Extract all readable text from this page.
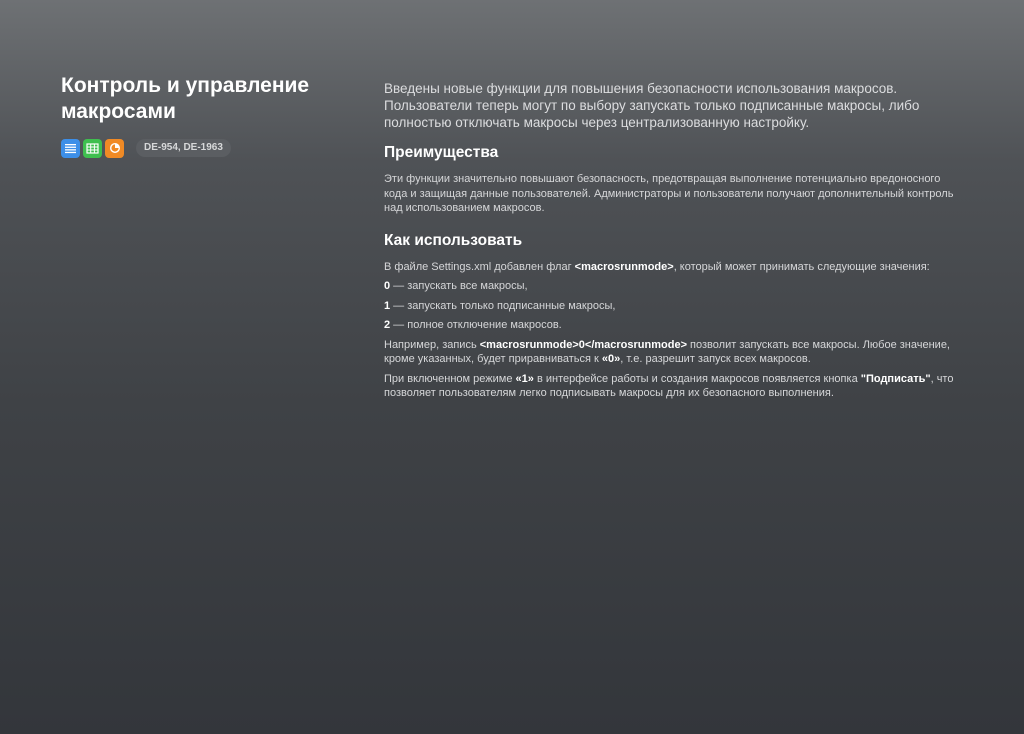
Контроль и управление макросами
DE-954, DE-1963

Введены новые функции для повышения безопасности использования макросов. Пользователи теперь могут по выбору запускать только подписанные макросы, либо полностью отключать макросы через централизованную настройку.

Преимущества

Эти функции значительно повышают безопасность, предотвращая выполнение потенциально вредоносного кода и защищая данные пользователей. Администраторы и пользователи получают дополнительный контроль над использованием макросов.

Как использовать

В файле Settings.xml добавлен флаг <macrosrunmode>, который может принимать следующие значения:

0 — запускать все макросы,

1 — запускать только подписанные макросы,

2 — полное отключение макросов.

Например, запись <macrosrunmode>0</macrosrunmode> позволит запускать все макросы. Любое значение, кроме указанных, будет приравниваться к «0», т.е. разрешит запуск всех макросов.

При включенном режиме «1» в интерфейсе работы и создания макросов появляется кнопка "Подписать", что позволяет пользователям легко подписывать макросы для их безопасного выполнения.
